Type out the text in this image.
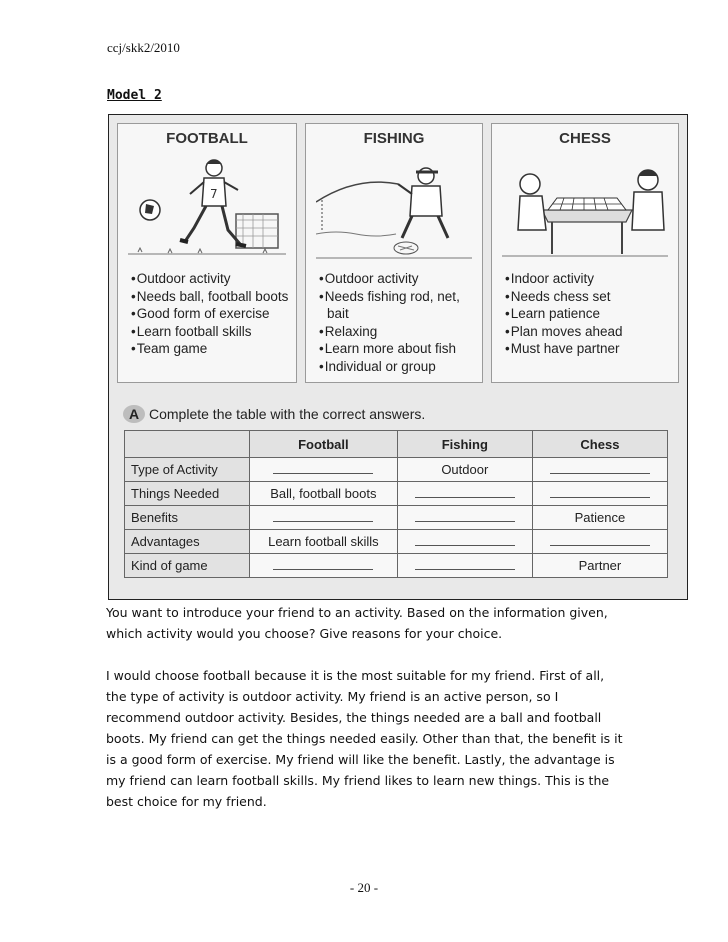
ccj/skk2/2010
Model 2
FOOTBALL
7
• Outdoor activity
• Needs ball, football boots
• Good form of exercise
• Learn football skills
• Team game
FISHING
• Outdoor activity
• Needs fishing rod, net, bait
• Relaxing
• Learn more about fish
• Individual or group
CHESS
• Indoor activity
• Needs chess set
• Learn patience
• Plan moves ahead
• Must have partner
A Complete the table with the correct answers.
	Football	Fishing	Chess
Type of Activity		Outdoor	
Things Needed	Ball, football boots		
Benefits			Patience
Advantages	Learn football skills		
Kind of game			Partner

You want to introduce your friend to an activity. Based on the information given, which activity would you choose? Give reasons for your choice.

I would choose football because it is the most suitable for my friend. First of all, the type of activity is outdoor activity. My friend is an active person, so I recommend outdoor activity. Besides, the things needed are a ball and football boots. My friend can get the things needed easily. Other than that, the benefit is it is a good form of exercise. My friend will like the benefit. Lastly, the advantage is my friend can learn football skills. My friend likes to learn new things. This is the best choice for my friend.

- 20 -
